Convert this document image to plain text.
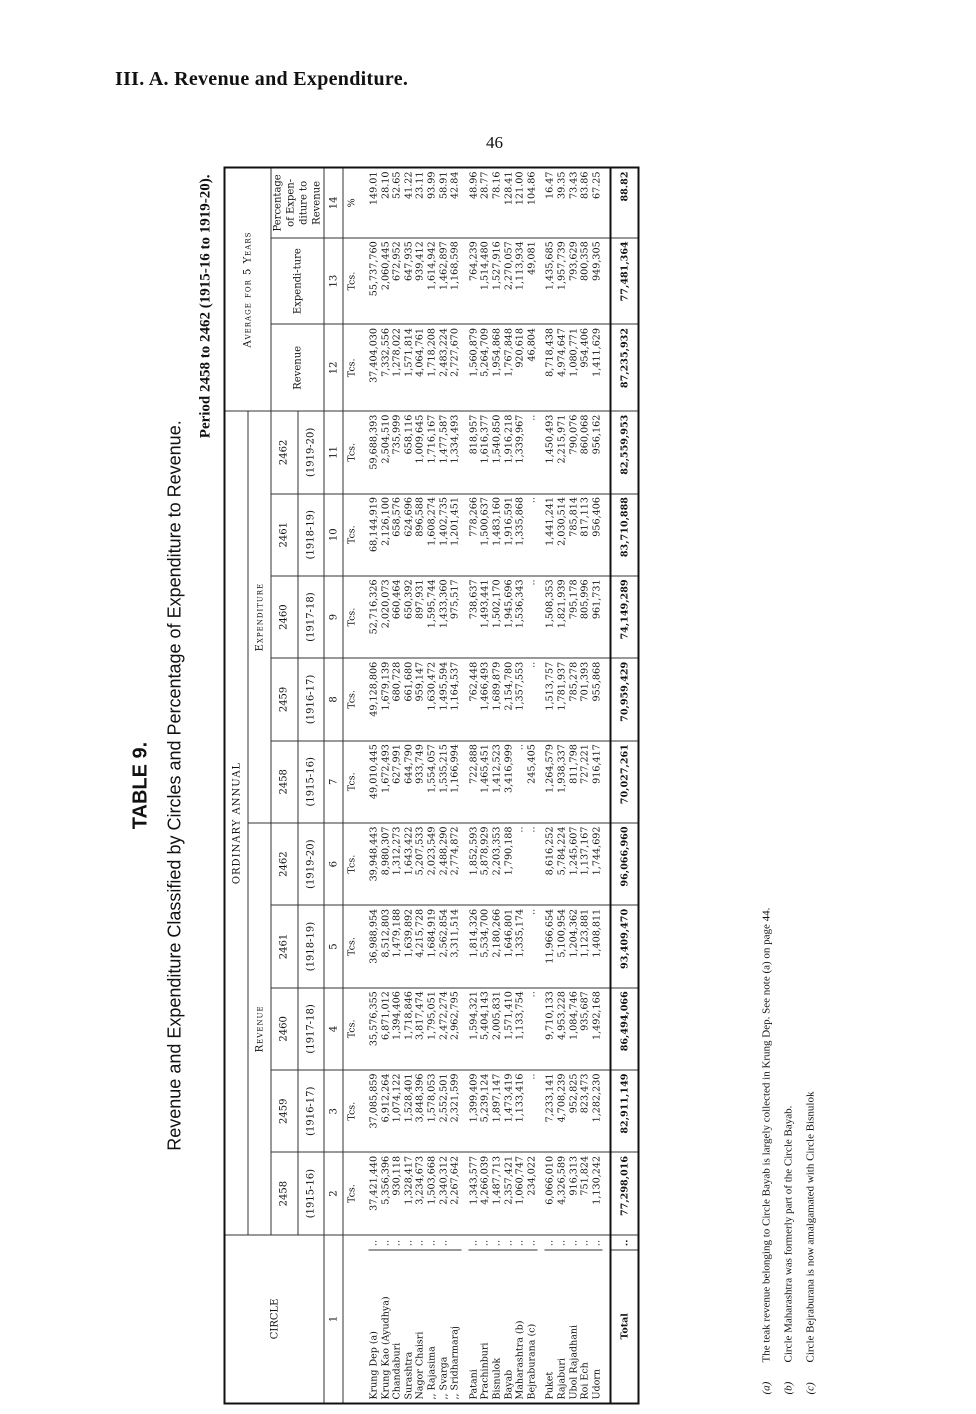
III. A. Revenue and Expenditure.
46
TABLE 9. Revenue and Expenditure Classified by Circles and Percentage of Expenditure to Revenue.
Period 2458 to 2462 (1915-16 to 1919-20).
CIRCLE		ORDINARY ANNUAL										Average for 5 Years		
		Revenue					Expenditure							
		2458	2459	2460	2461	2462	2458	2459	2460	2461	2462	Revenue	Expendi-ture	Percentage of Expen-diture to Revenue
		(1915-16)	(1916-17)	(1917-18)	(1918-19)	(1919-20)	(1915-16)	(1916-17)	(1917-18)	(1918-19)	(1919-20)			
1		2	3	4	5	6	7	8	9	10	11	12	13	14
		Tcs.	Tcs.	Tcs.	Tcs.	Tcs.	Tcs.	Tcs.	Tcs.	Tcs.	Tcs.	Tcs.	Tcs.	%

Krung Dep (a)	..	37,421,440	37,085,859	35,576,355	36,988,954	39,948,443	49,010,445	49,128,806	52,716,326	68,144,919	59,688,393	37,404,030	55,737,760	149.01
Krung Kao (Ayudhya)	..	5,356,396	6,912,264	6,871,012	8,512,803	8,980,307	1,672,493	1,679,139	2,020,073	2,126,100	2,504,510	7,332,556	2,060,445	28.10
Chandaburi	..	930,118	1,074,122	1,394,406	1,479,188	1,312,273	627,991	680,728	660,464	658,576	735,999	1,278,022	672,952	52.65
Surashtra	..	1,328,417	1,528,401	1,718,846	1,639,892	1,643,422	644,790	661,680	650,392	624,696	658,116	1,571,814	647,935	41.22
Nagor Chaisri	..	3,234,673	3,848,396	3,817,474	4,215,728	5,207,533	933,749	959,147	897,931	896,588	1,009,645	4,064,761	939,412	23.11
,, Rajasima	..	1,503,668	1,578,053	1,795,051	1,684,919	2,023,549	1,554,057	1,630,472	1,595,744	1,608,274	1,716,167	1,718,208	1,614,942	93.99
,, Svarga	..	2,340,312	2,552,501	2,472,274	2,562,854	2,488,290	1,535,215	1,495,594	1,433,360	1,402,735	1,477,587	2,483,224	1,462,897	58.91
,, Sridharmaraj		2,267,642	2,321,599	2,962,795	3,311,514	2,774,872	1,166,994	1,164,537	975,517	1,201,451	1,334,493	2,727,670	1,168,598	42.84

Patani	..	1,343,577	1,399,409	1,594,321	1,814,326	1,852,593	722,888	762,448	738,637	778,266	818,957	1,560,879	764,239	48.96
Prachinburi	..	4,266,039	5,239,124	5,404,143	5,534,700	5,878,929	1,465,451	1,466,493	1,493,441	1,500,637	1,616,377	5,264,709	1,514,480	28.77
Bisnulok	..	1,487,713	1,897,147	2,005,831	2,180,266	2,203,353	1,412,523	1,689,879	1,502,170	1,483,160	1,540,850	1,954,868	1,527,916	78.16
Bayab	..	2,357,421	1,473,419	1,571,410	1,646,801	1,790,188	3,416,999	2,154,780	1,945,696	1,916,591	1,916,218	1,767,848	2,270,057	128.41
Maharashtra (b)	..	1,060,747	1,133,416	1,133,754	1,335,174	..	..	1,357,553	1,536,343	1,335,868	1,339,967	920,618	1,113,934	121.00
Bejraburana (c)	..	234,022	..	..	..	..	245,405	..	..	..	..	46,804	49,081	104.86

Puket	..	6,066,010	7,233,141	9,710,133	11,966,654	8,616,252	1,264,579	1,513,757	1,508,353	1,441,241	1,450,493	8,718,438	1,435,685	16.47
Rajaburi	..	4,326,589	4,708,239	4,953,228	5,100,954	5,784,224	1,938,337	1,781,937	1,821,939	2,030,514	2,215,971	4,974,647	1,957,739	39.35
Ubol Rajadhani	..	916,313	952,825	1,084,746	1,204,362	1,245,607	811,798	785,278	795,178	785,814	790,076	1,080,771	793,629	73.43
Roi Ech	..	751,824	823,473	935,687	1,123,881	1,137,167	727,221	701,393	805,996	817,113	860,068	954,406	800,358	83.86
Udorn	..	1,130,242	1,282,230	1,492,168	1,408,811	1,744,692	916,417	955,868	961,731	956,406	956,162	1,411,629	949,305	67.25

Total	..	77,298,016	82,911,149	86,494,066	93,409,470	96,066,960	70,027,261	70,959,429	74,149,289	83,710,888	82,559,953	87,235,932	77,481,364	88.82
(a)The teak revenue belonging to Circle Bayab is largely collected in Krung Dep. See note (a) on page 44.
(b)Circle Maharashtra was formerly part of the Circle Bayab.
(c)Circle Bejraburana is now amalgamated with Circle Bisnulok
